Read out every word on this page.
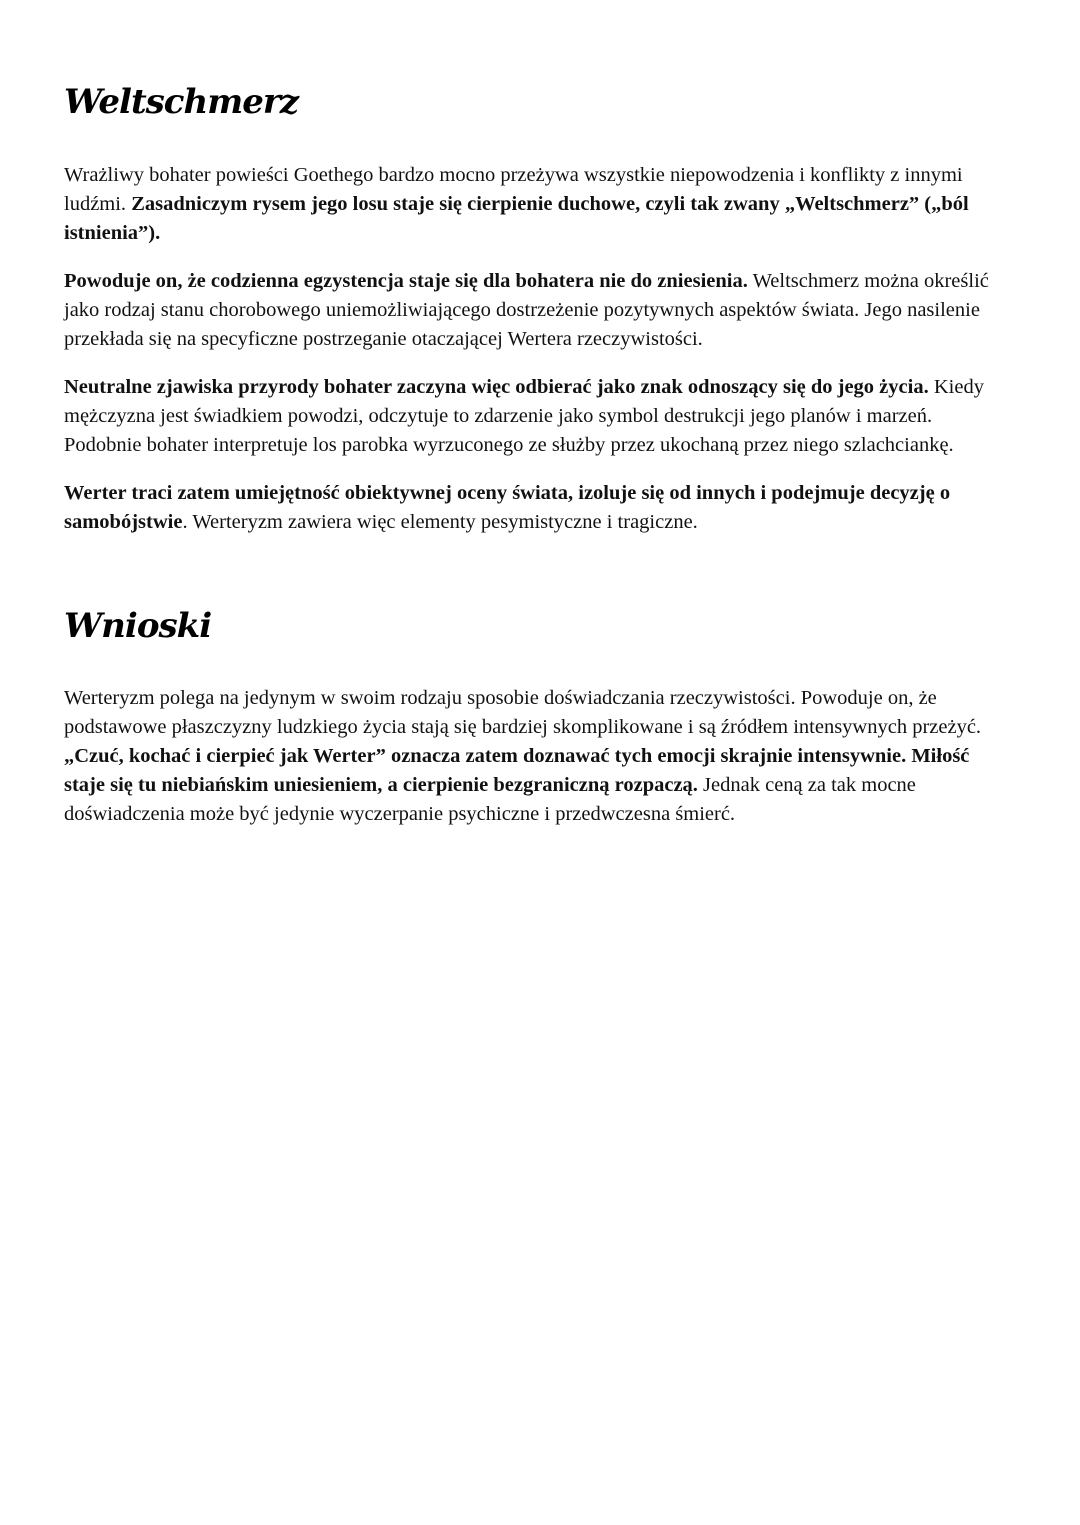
Weltschmerz

Wrażliwy bohater powieści Goethego bardzo mocno przeżywa wszystkie niepowodzenia i konflikty z innymi ludźmi. Zasadniczym rysem jego losu staje się cierpienie duchowe, czyli tak zwany „Weltschmerz” („ból istnienia”).

Powoduje on, że codzienna egzystencja staje się dla bohatera nie do zniesienia. Weltschmerz można określić jako rodzaj stanu chorobowego uniemożliwiającego dostrzeżenie pozytywnych aspektów świata. Jego nasilenie przekłada się na specyficzne postrzeganie otaczającej Wertera rzeczywistości.

Neutralne zjawiska przyrody bohater zaczyna więc odbierać jako znak odnoszący się do jego życia. Kiedy mężczyzna jest świadkiem powodzi, odczytuje to zdarzenie jako symbol destrukcji jego planów i marzeń. Podobnie bohater interpretuje los parobka wyrzuconego ze służby przez ukochaną przez niego szlachciankę.

Werter traci zatem umiejętność obiektywnej oceny świata, izoluje się od innych i podejmuje decyzję o samobójstwie. Werteryzm zawiera więc elementy pesymistyczne i tragiczne.

Wnioski

Werteryzm polega na jedynym w swoim rodzaju sposobie doświadczania rzeczywistości. Powoduje on, że podstawowe płaszczyzny ludzkiego życia stają się bardziej skomplikowane i są źródłem intensywnych przeżyć. „Czuć, kochać i cierpieć jak Werter” oznacza zatem doznawać tych emocji skrajnie intensywnie. Miłość staje się tu niebiańskim uniesieniem, a cierpienie bezgraniczną rozpaczą. Jednak ceną za tak mocne doświadczenia może być jedynie wyczerpanie psychiczne i przedwczesna śmierć.
